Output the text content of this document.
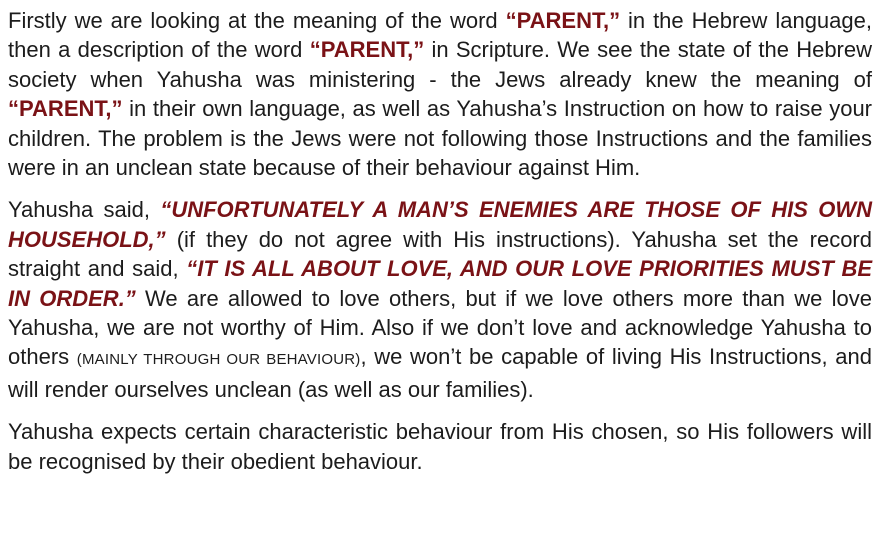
Firstly we are looking at the meaning of the word “PARENT,” in the Hebrew language, then a description of the word “PARENT,” in Scripture. We see the state of the Hebrew society when Yahusha was ministering - the Jews already knew the meaning of “PARENT,” in their own language, as well as Yahusha’s Instruction on how to raise your children. The problem is the Jews were not following those Instructions and the families were in an unclean state because of their behaviour against Him.

Yahusha said, “UNFORTUNATELY A MAN’S ENEMIES ARE THOSE OF HIS OWN HOUSEHOLD,” (if they do not agree with His instructions). Yahusha set the record straight and said, “IT IS ALL ABOUT LOVE, AND OUR LOVE PRIORITIES MUST BE IN ORDER.” We are allowed to love others, but if we love others more than we love Yahusha, we are not worthy of Him. Also if we don’t love and acknowledge Yahusha to others (MAINLY THROUGH OUR BEHAVIOUR), we won’t be capable of living His Instructions, and will render ourselves unclean (as well as our families).

Yahusha expects certain characteristic behaviour from His chosen, so His followers will be recognised by their obedient behaviour.
